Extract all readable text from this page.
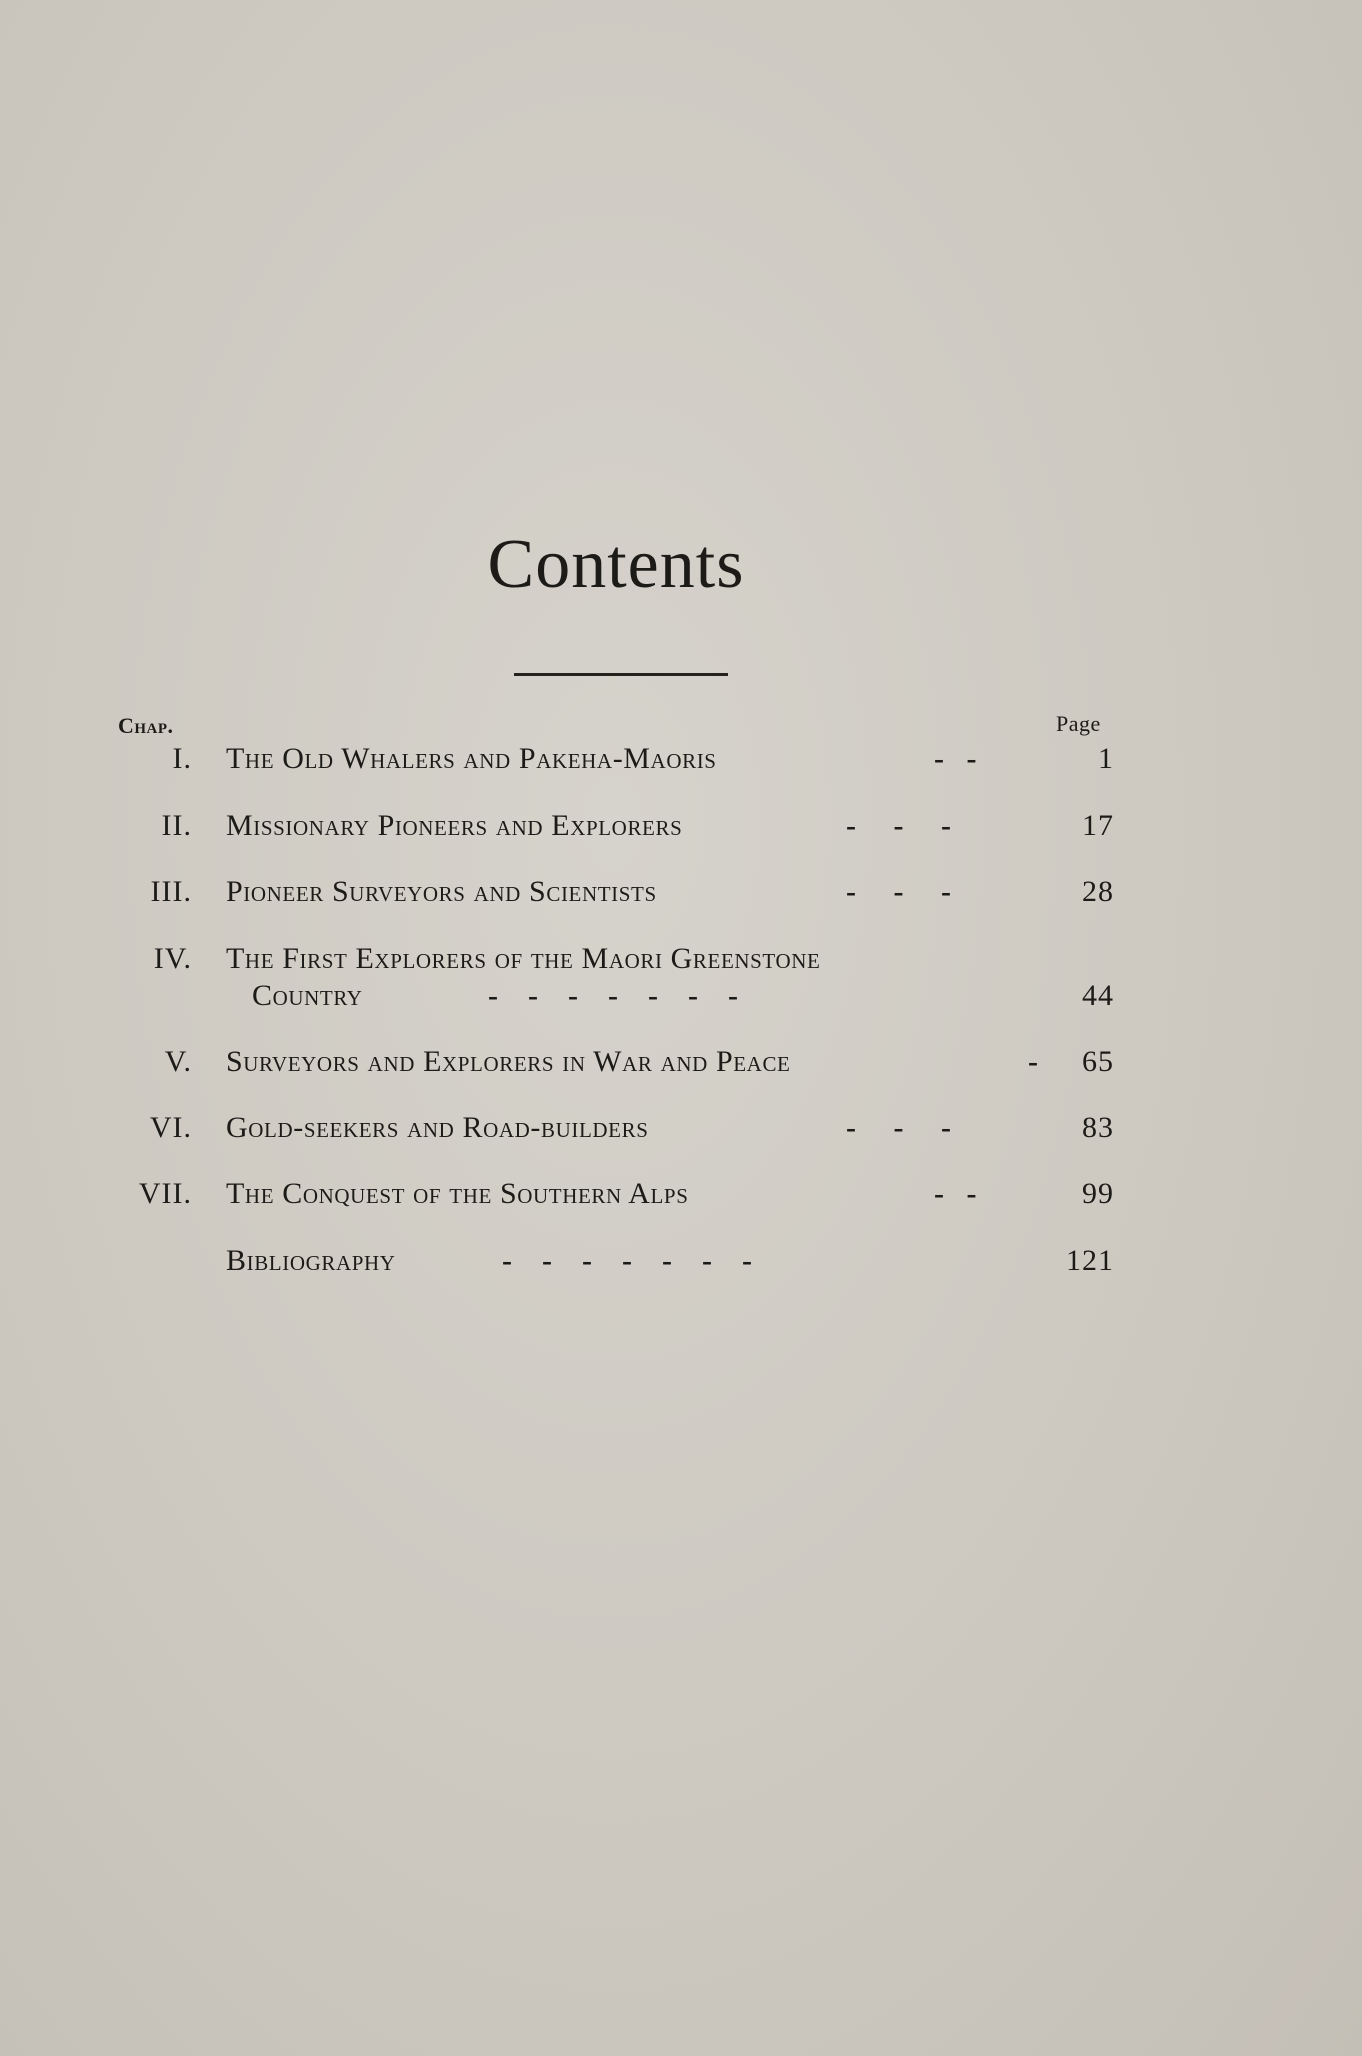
Contents
Chap.	Page
I. The Old Whalers and Pakeha-Maoris	-   -	1
II. Missionary Pioneers and Explorers	-     -     -	17
III. Pioneer Surveyors and Scientists	-     -     -	28
IV. The First Explorers of the Maori Greenstone
Country	-    -    -    -    -    -    -	44
V. Surveyors and Explorers in War and Peace	-	65
VI. Gold-seekers and Road-builders	-     -     -	83
VII. The Conquest of the Southern Alps	-   -	99
Bibliography	-    -    -    -    -    -    -	121
